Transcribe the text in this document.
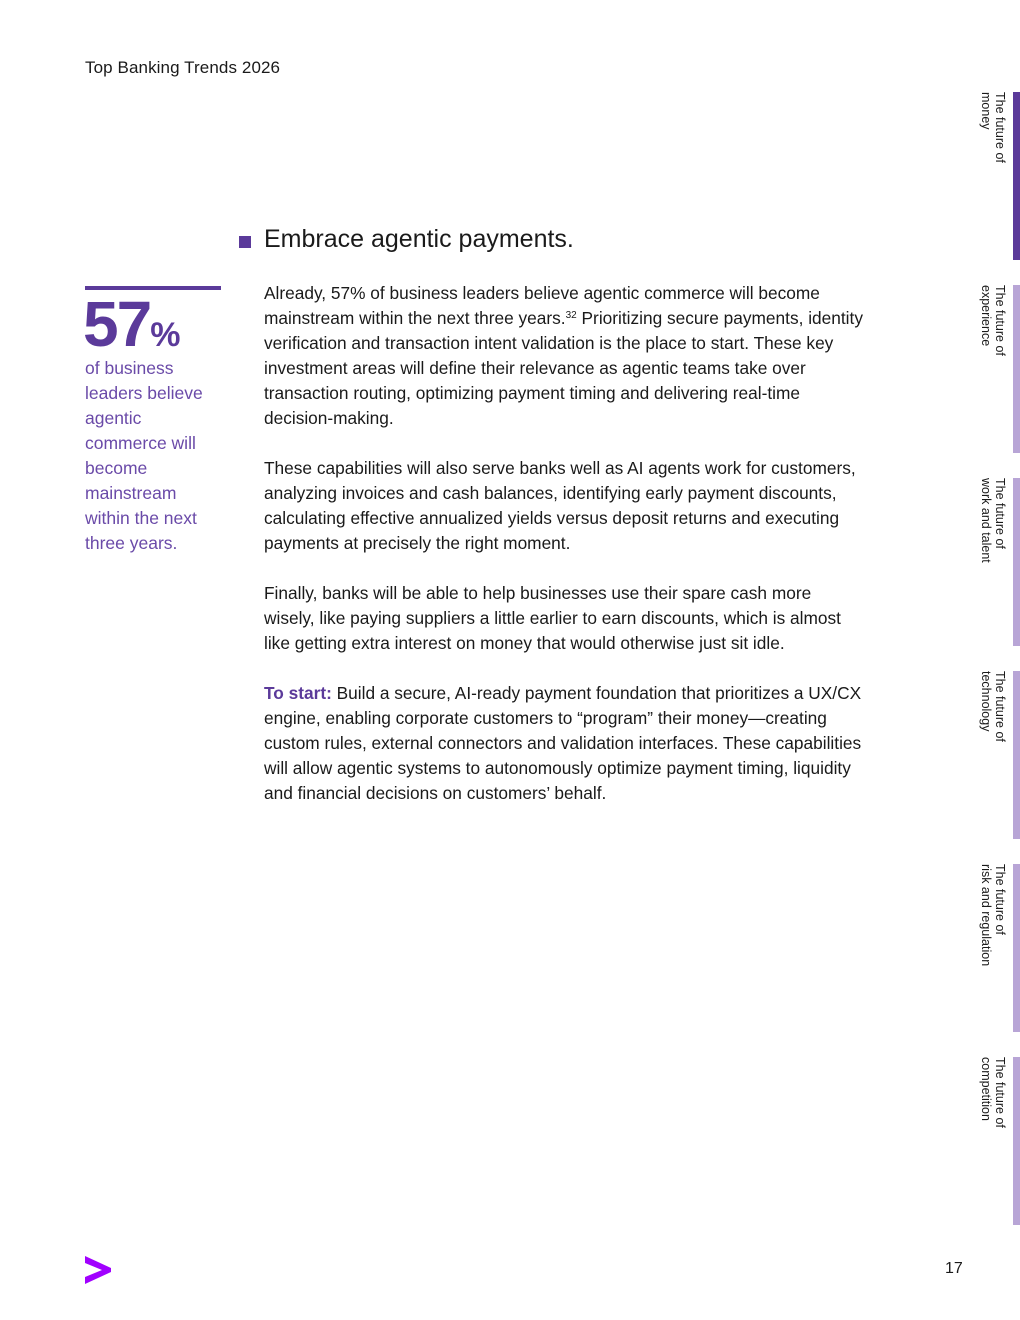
Top Banking Trends 2026
57%
of business leaders believe agentic commerce will become mainstream within the next three years.
Embrace agentic payments.

Already, 57% of business leaders believe agentic commerce will become mainstream within the next three years.$^{32}$ Prioritizing secure payments, identity verification and transaction intent validation is the place to start. These key investment areas will define their relevance as agentic teams take over transaction routing, optimizing payment timing and delivering real-time decision-making.

These capabilities will also serve banks well as AI agents work for customers, analyzing invoices and cash balances, identifying early payment discounts, calculating effective annualized yields versus deposit returns and executing payments at precisely the right moment.

Finally, banks will be able to help businesses use their spare cash more wisely, like paying suppliers a little earlier to earn discounts, which is almost like getting extra interest on money that would otherwise just sit idle.

To start: Build a secure, AI-ready payment foundation that prioritizes a UX/CX engine, enabling corporate customers to “program” their money—creating custom rules, external connectors and validation interfaces. These capabilities will allow agentic systems to autonomously optimize payment timing, liquidity and financial decisions on customers’ behalf.

The future of
money
The future of
experience
The future of
work and talent
The future of
technology
The future of
risk and regulation
The future of
competition
17
